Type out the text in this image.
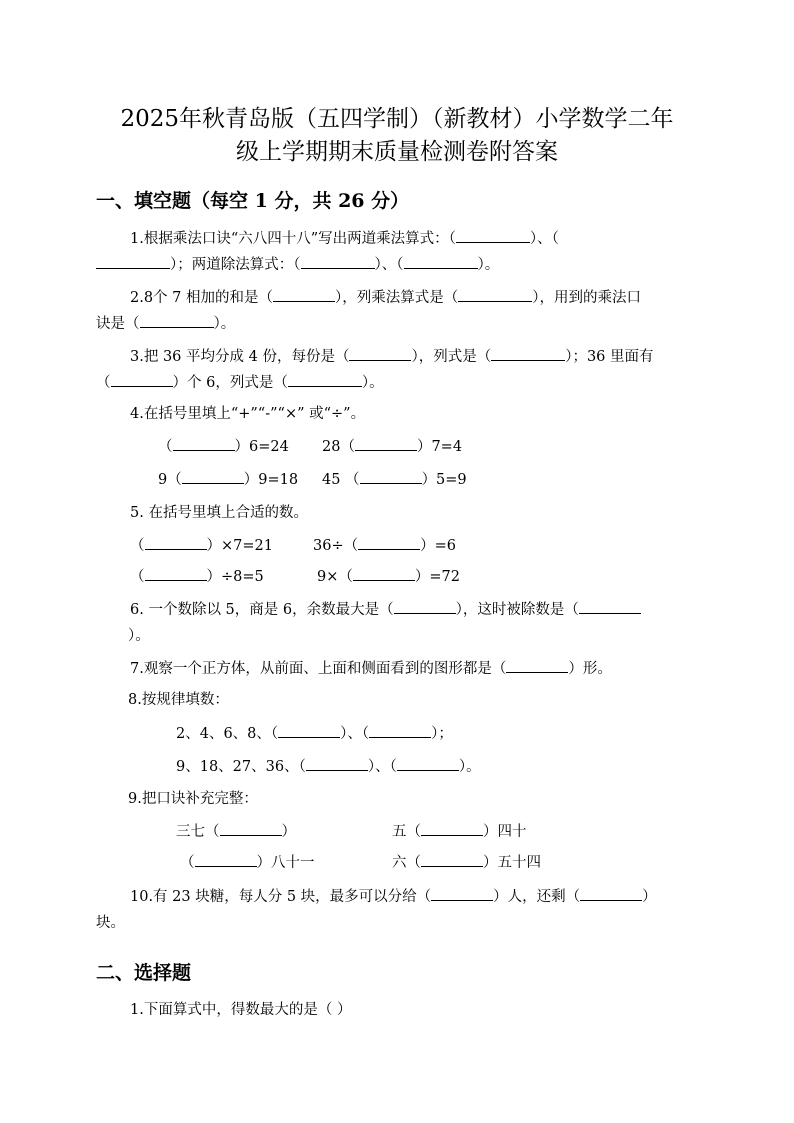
2025年秋青岛版（五四学制）（新教材）小学数学二年
级上学期期末质量检测卷附答案
一、填空题（每空 1 分，共 26 分）
1.根据乘法口诀“六八四十八”写出两道乘法算式：（	）、（
）；两道除法算式：（	）、（	）。
2.8个 7 相加的和是（	），列乘法算式是（	），用到的乘法口
诀是（	）。
3.把 36 平均分成 4 份，每份是（	），列式是（	）；36 里面有
（	）个 6，列式是（	）。
4.在括号里填上“+”“-”“×” 或“÷”。
（	）6=24 28（	）7=4
9（	）9=18 45 （	）5=9
5. 在括号里填上合适的数。
（	）×7=21	36÷（	）=6
（	）÷8=5	9×（	）=72
6. 一个数除以 5，商是 6，余数最大是（	），这时被除数是（
）。
7.观察一个正方体，从前面、上面和侧面看到的图形都是（	）形。
8.按规律填数：
2、4、6、8、（	）、（	）；
9、18、27、36、（	）、（	）。
9.把口诀补充完整：
三七（	）	五（	）四十
（	）八十一	六（	）五十四
10.有 23 块糖，每人分 5 块，最多可以分给（	）人，还剩（	）
块。
二、选择题
1.下面算式中，得数最大的是（ ）
